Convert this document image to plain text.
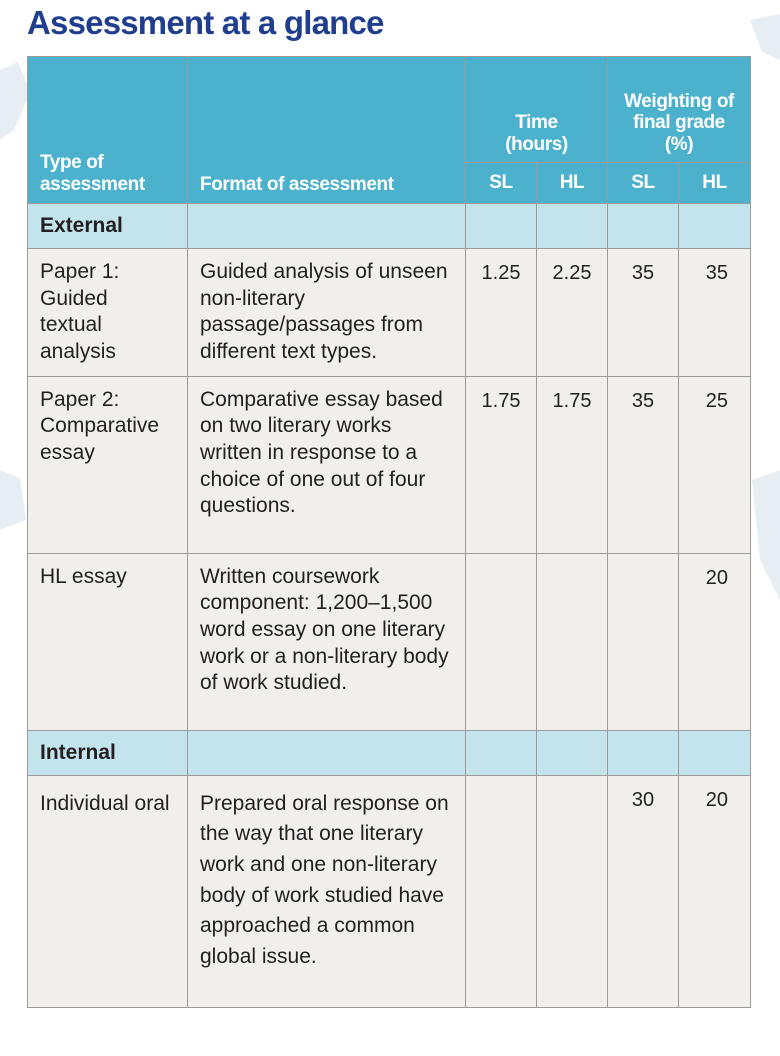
Assessment at a glance
Type of assessment	Format of assessment	Time (hours)		Weighting of final grade (%)	
		SL	HL	SL	HL
External					
Paper 1: Guided textual analysis	Guided analysis of unseen non-literary passage/passages from different text types.	1.25	2.25	35	35
Paper 2: Comparative essay	Comparative essay based on two literary works written in response to a choice of one out of four questions.	1.75	1.75	35	25
HL essay	Written coursework component: 1,200–1,500 word essay on one literary work or a non-literary body of work studied.				20
Internal					
Individual oral	Prepared oral response on the way that one literary work and one non-literary body of work studied have approached a common global issue.			30	20
